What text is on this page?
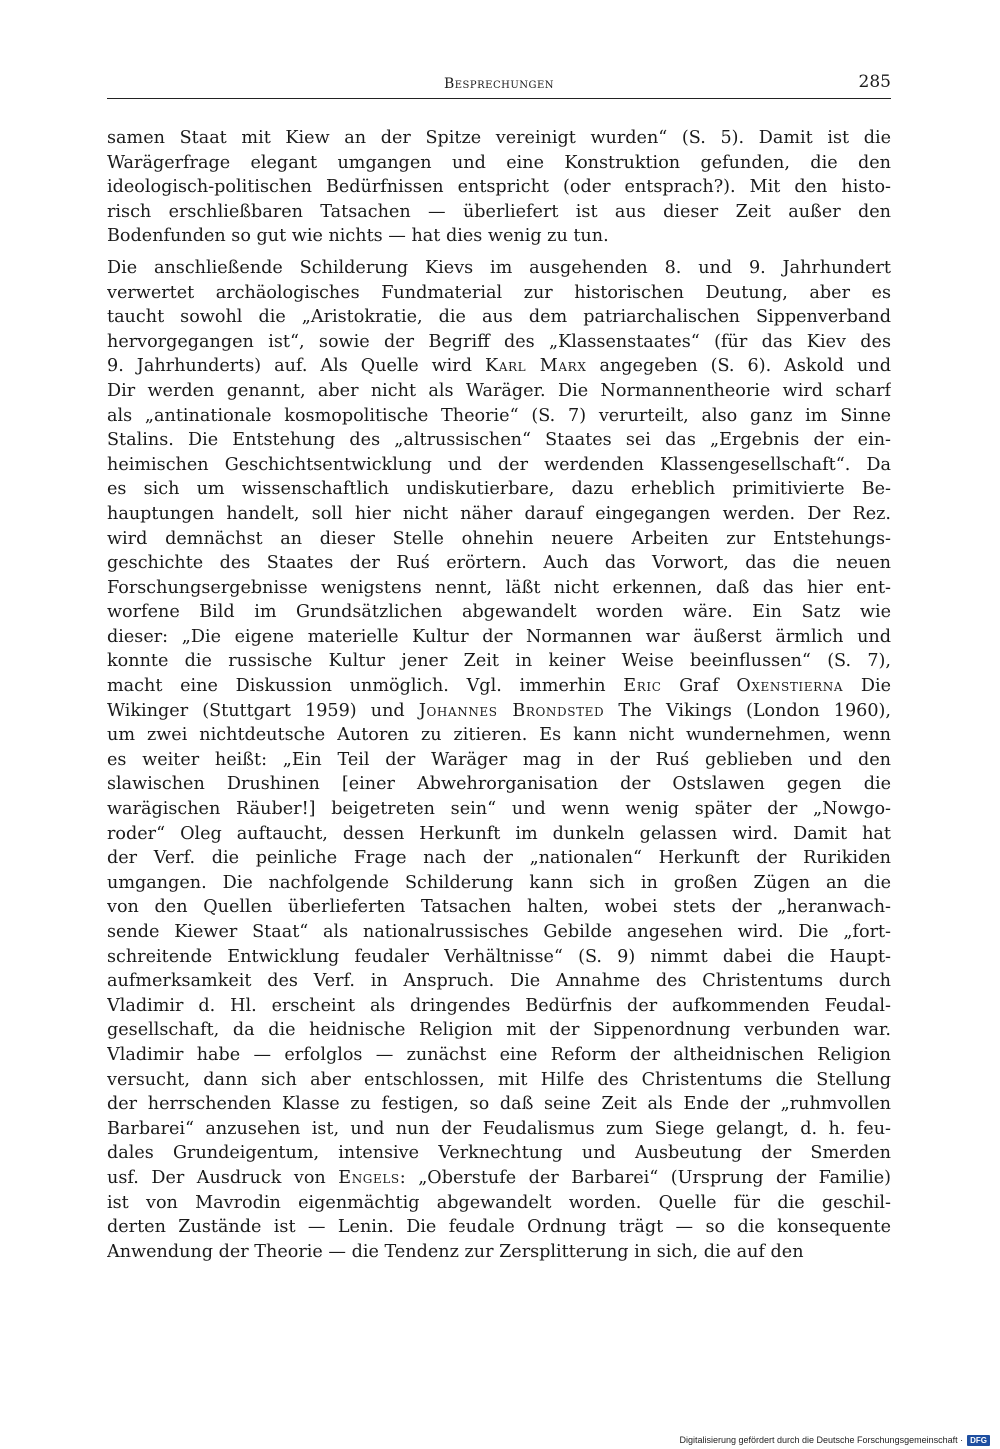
Besprechungen	285
samen Staat mit Kiew an der Spitze vereinigt wurden“ (S. 5). Damit ist die
Warägerfrage elegant umgangen und eine Konstruktion gefunden, die den
ideologisch-politischen Bedürfnissen entspricht (oder entsprach?). Mit den histo-
risch erschließbaren Tatsachen — überliefert ist aus dieser Zeit außer den
Bodenfunden so gut wie nichts — hat dies wenig zu tun.
Die anschließende Schilderung Kievs im ausgehenden 8. und 9. Jahrhundert
verwertet archäologisches Fundmaterial zur historischen Deutung, aber es
taucht sowohl die „Aristokratie, die aus dem patriarchalischen Sippenverband
hervorgegangen ist“, sowie der Begriff des „Klassenstaates“ (für das Kiev des
9. Jahrhunderts) auf. Als Quelle wird Karl Marx angegeben (S. 6). Askold und
Dir werden genannt, aber nicht als Waräger. Die Normannentheorie wird scharf
als „antinationale kosmopolitische Theorie“ (S. 7) verurteilt, also ganz im Sinne
Stalins. Die Entstehung des „altrussischen“ Staates sei das „Ergebnis der ein-
heimischen Geschichtsentwicklung und der werdenden Klassengesellschaft“. Da
es sich um wissenschaftlich undiskutierbare, dazu erheblich primitivierte Be-
hauptungen handelt, soll hier nicht näher darauf eingegangen werden. Der Rez.
wird demnächst an dieser Stelle ohnehin neuere Arbeiten zur Entstehungs-
geschichte des Staates der Ruś erörtern. Auch das Vorwort, das die neuen
Forschungsergebnisse wenigstens nennt, läßt nicht erkennen, daß das hier ent-
worfene Bild im Grundsätzlichen abgewandelt worden wäre. Ein Satz wie
dieser: „Die eigene materielle Kultur der Normannen war äußerst ärmlich und
konnte die russische Kultur jener Zeit in keiner Weise beeinflussen“ (S. 7),
macht eine Diskussion unmöglich. Vgl. immerhin Eric Graf Oxenstierna Die
Wikinger (Stuttgart 1959) und Johannes Brondsted The Vikings (London 1960),
um zwei nichtdeutsche Autoren zu zitieren. Es kann nicht wundernehmen, wenn
es weiter heißt: „Ein Teil der Waräger mag in der Ruś geblieben und den
slawischen Drushinen [einer Abwehrorganisation der Ostslawen gegen die
warägischen Räuber!] beigetreten sein“ und wenn wenig später der „Nowgo-
roder“ Oleg auftaucht, dessen Herkunft im dunkeln gelassen wird. Damit hat
der Verf. die peinliche Frage nach der „nationalen“ Herkunft der Rurikiden
umgangen. Die nachfolgende Schilderung kann sich in großen Zügen an die
von den Quellen überlieferten Tatsachen halten, wobei stets der „heranwach-
sende Kiewer Staat“ als nationalrussisches Gebilde angesehen wird. Die „fort-
schreitende Entwicklung feudaler Verhältnisse“ (S. 9) nimmt dabei die Haupt-
aufmerksamkeit des Verf. in Anspruch. Die Annahme des Christentums durch
Vladimir d. Hl. erscheint als dringendes Bedürfnis der aufkommenden Feudal-
gesellschaft, da die heidnische Religion mit der Sippenordnung verbunden war.
Vladimir habe — erfolglos — zunächst eine Reform der altheidnischen Religion
versucht, dann sich aber entschlossen, mit Hilfe des Christentums die Stellung
der herrschenden Klasse zu festigen, so daß seine Zeit als Ende der „ruhmvollen
Barbarei“ anzusehen ist, und nun der Feudalismus zum Siege gelangt, d. h. feu-
dales Grundeigentum, intensive Verknechtung und Ausbeutung der Smerden
usf. Der Ausdruck von Engels: „Oberstufe der Barbarei“ (Ursprung der Familie)
ist von Mavrodin eigenmächtig abgewandelt worden. Quelle für die geschil-
derten Zustände ist — Lenin. Die feudale Ordnung trägt — so die konsequente
Anwendung der Theorie — die Tendenz zur Zersplitterung in sich, die auf den
Digitalisierung gefördert durch die Deutsche Forschungsgemeinschaft · DFG
